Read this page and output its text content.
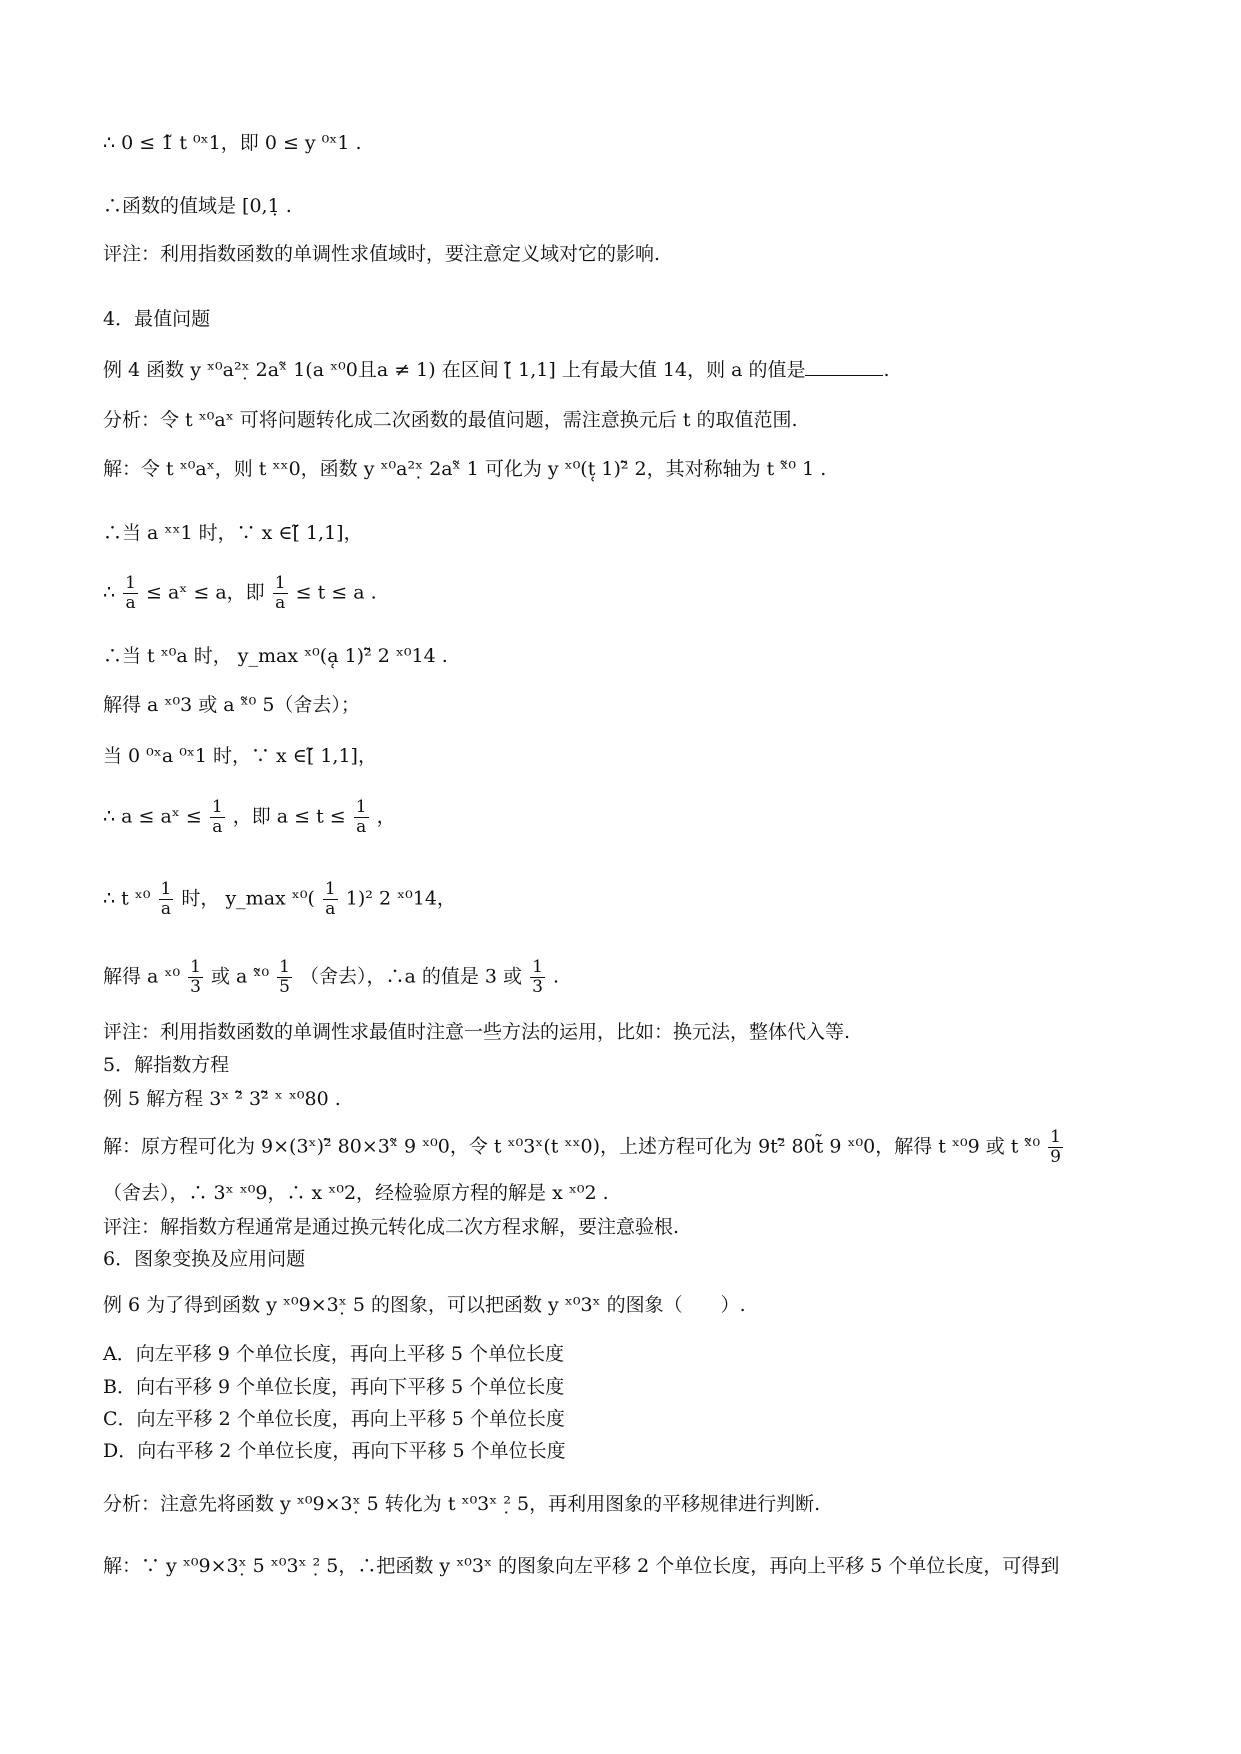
∴ 0 ≤ 1̃ t ⁰ˣ1，即 0 ≤ y ⁰ˣ1 .
∴函数的值域是 [0,1̣ .
评注：利用指数函数的单调性求值域时，要注意定义域对它的影响.
4．最值问题
例 4 函数 y ˣ⁰a²ˣ̣ 2aˣ̃ 1(a ˣ⁰0且a ≠ 1) 在区间 [̃ 1,1] 上有最大值 14，则 a 的值是	.
分析：令 t ˣ⁰aˣ 可将问题转化成二次函数的最值问题，需注意换元后 t 的取值范围.
解：令 t ˣ⁰aˣ，则 t ˣˣ0，函数 y ˣ⁰a²ˣ̣ 2aˣ̃ 1 可化为 y ˣ⁰(t̜ 1)²̃ 2，其对称轴为 t ˣ̃⁰ 1 .
∴当 a ˣˣ1 时，∵ x ∈[̃ 1,1]，
∴ $\frac{1}{a}$ ≤ aˣ ≤ a，即 $\frac{1}{a} \le t \le a$ .
∴当 t ˣ⁰a 时， y_max ˣ⁰(a̜ 1)²̃ 2 ˣ⁰14 .
解得 a ˣ⁰3 或 a ˣ̃⁰ 5（舍去）；
当 0 ⁰ˣa ⁰ˣ1 时，∵ x ∈[̃ 1,1]，
∴ a ≤ aˣ ≤ $\frac{1}{a}$ ，即 $a \le t \le \frac{1}{a}$ ，
∴ t ˣ⁰ $\frac{1}{a}$ 时， y_max ˣ⁰( $\frac{1}{a} 1)^2$ 2 ˣ⁰14，
解得 a ˣ⁰ $\frac{1}{3}$ 或 a ˣ̃⁰ $\frac{1}{5}$ （舍去），∴a 的值是 3 或 $\frac{1}{3}$ .
评注：利用指数函数的单调性求最值时注意一些方法的运用，比如：换元法，整体代入等.
5．解指数方程
例 5 解方程 3ˣ ²̃ 3²̃ ˣ ˣ⁰80 .
解：原方程可化为 9×(3ˣ)²̃ 80×3ˣ̃ 9 ˣ⁰0，令 t ˣ⁰3ˣ(t ˣˣ0)，上述方程可化为 9t²̃ 80t̃ 9 ˣ⁰0，解得 t ˣ⁰9 或 t ˣ̃⁰ $\frac{1}{9}$
（舍去），∴ 3ˣ ˣ⁰9，∴ x ˣ⁰2，经检验原方程的解是 x ˣ⁰2 .
评注：解指数方程通常是通过换元转化成二次方程求解，要注意验根.
6．图象变换及应用问题
例 6 为了得到函数 y ˣ⁰9×3ˣ̣ 5 的图象，可以把函数 y ˣ⁰3ˣ 的图象（　　）.
A．向左平移 9 个单位长度，再向上平移 5 个单位长度
B．向右平移 9 个单位长度，再向下平移 5 个单位长度
C．向左平移 2 个单位长度，再向上平移 5 个单位长度
D．向右平移 2 个单位长度，再向下平移 5 个单位长度
分析：注意先将函数 y ˣ⁰9×3ˣ̣ 5 转化为 t ˣ⁰3ˣ ²̣ 5，再利用图象的平移规律进行判断.
解：∵ y ˣ⁰9×3ˣ̣ 5 ˣ⁰3ˣ ²̣ 5，∴把函数 y ˣ⁰3ˣ 的图象向左平移 2 个单位长度，再向上平移 5 个单位长度，可得到
